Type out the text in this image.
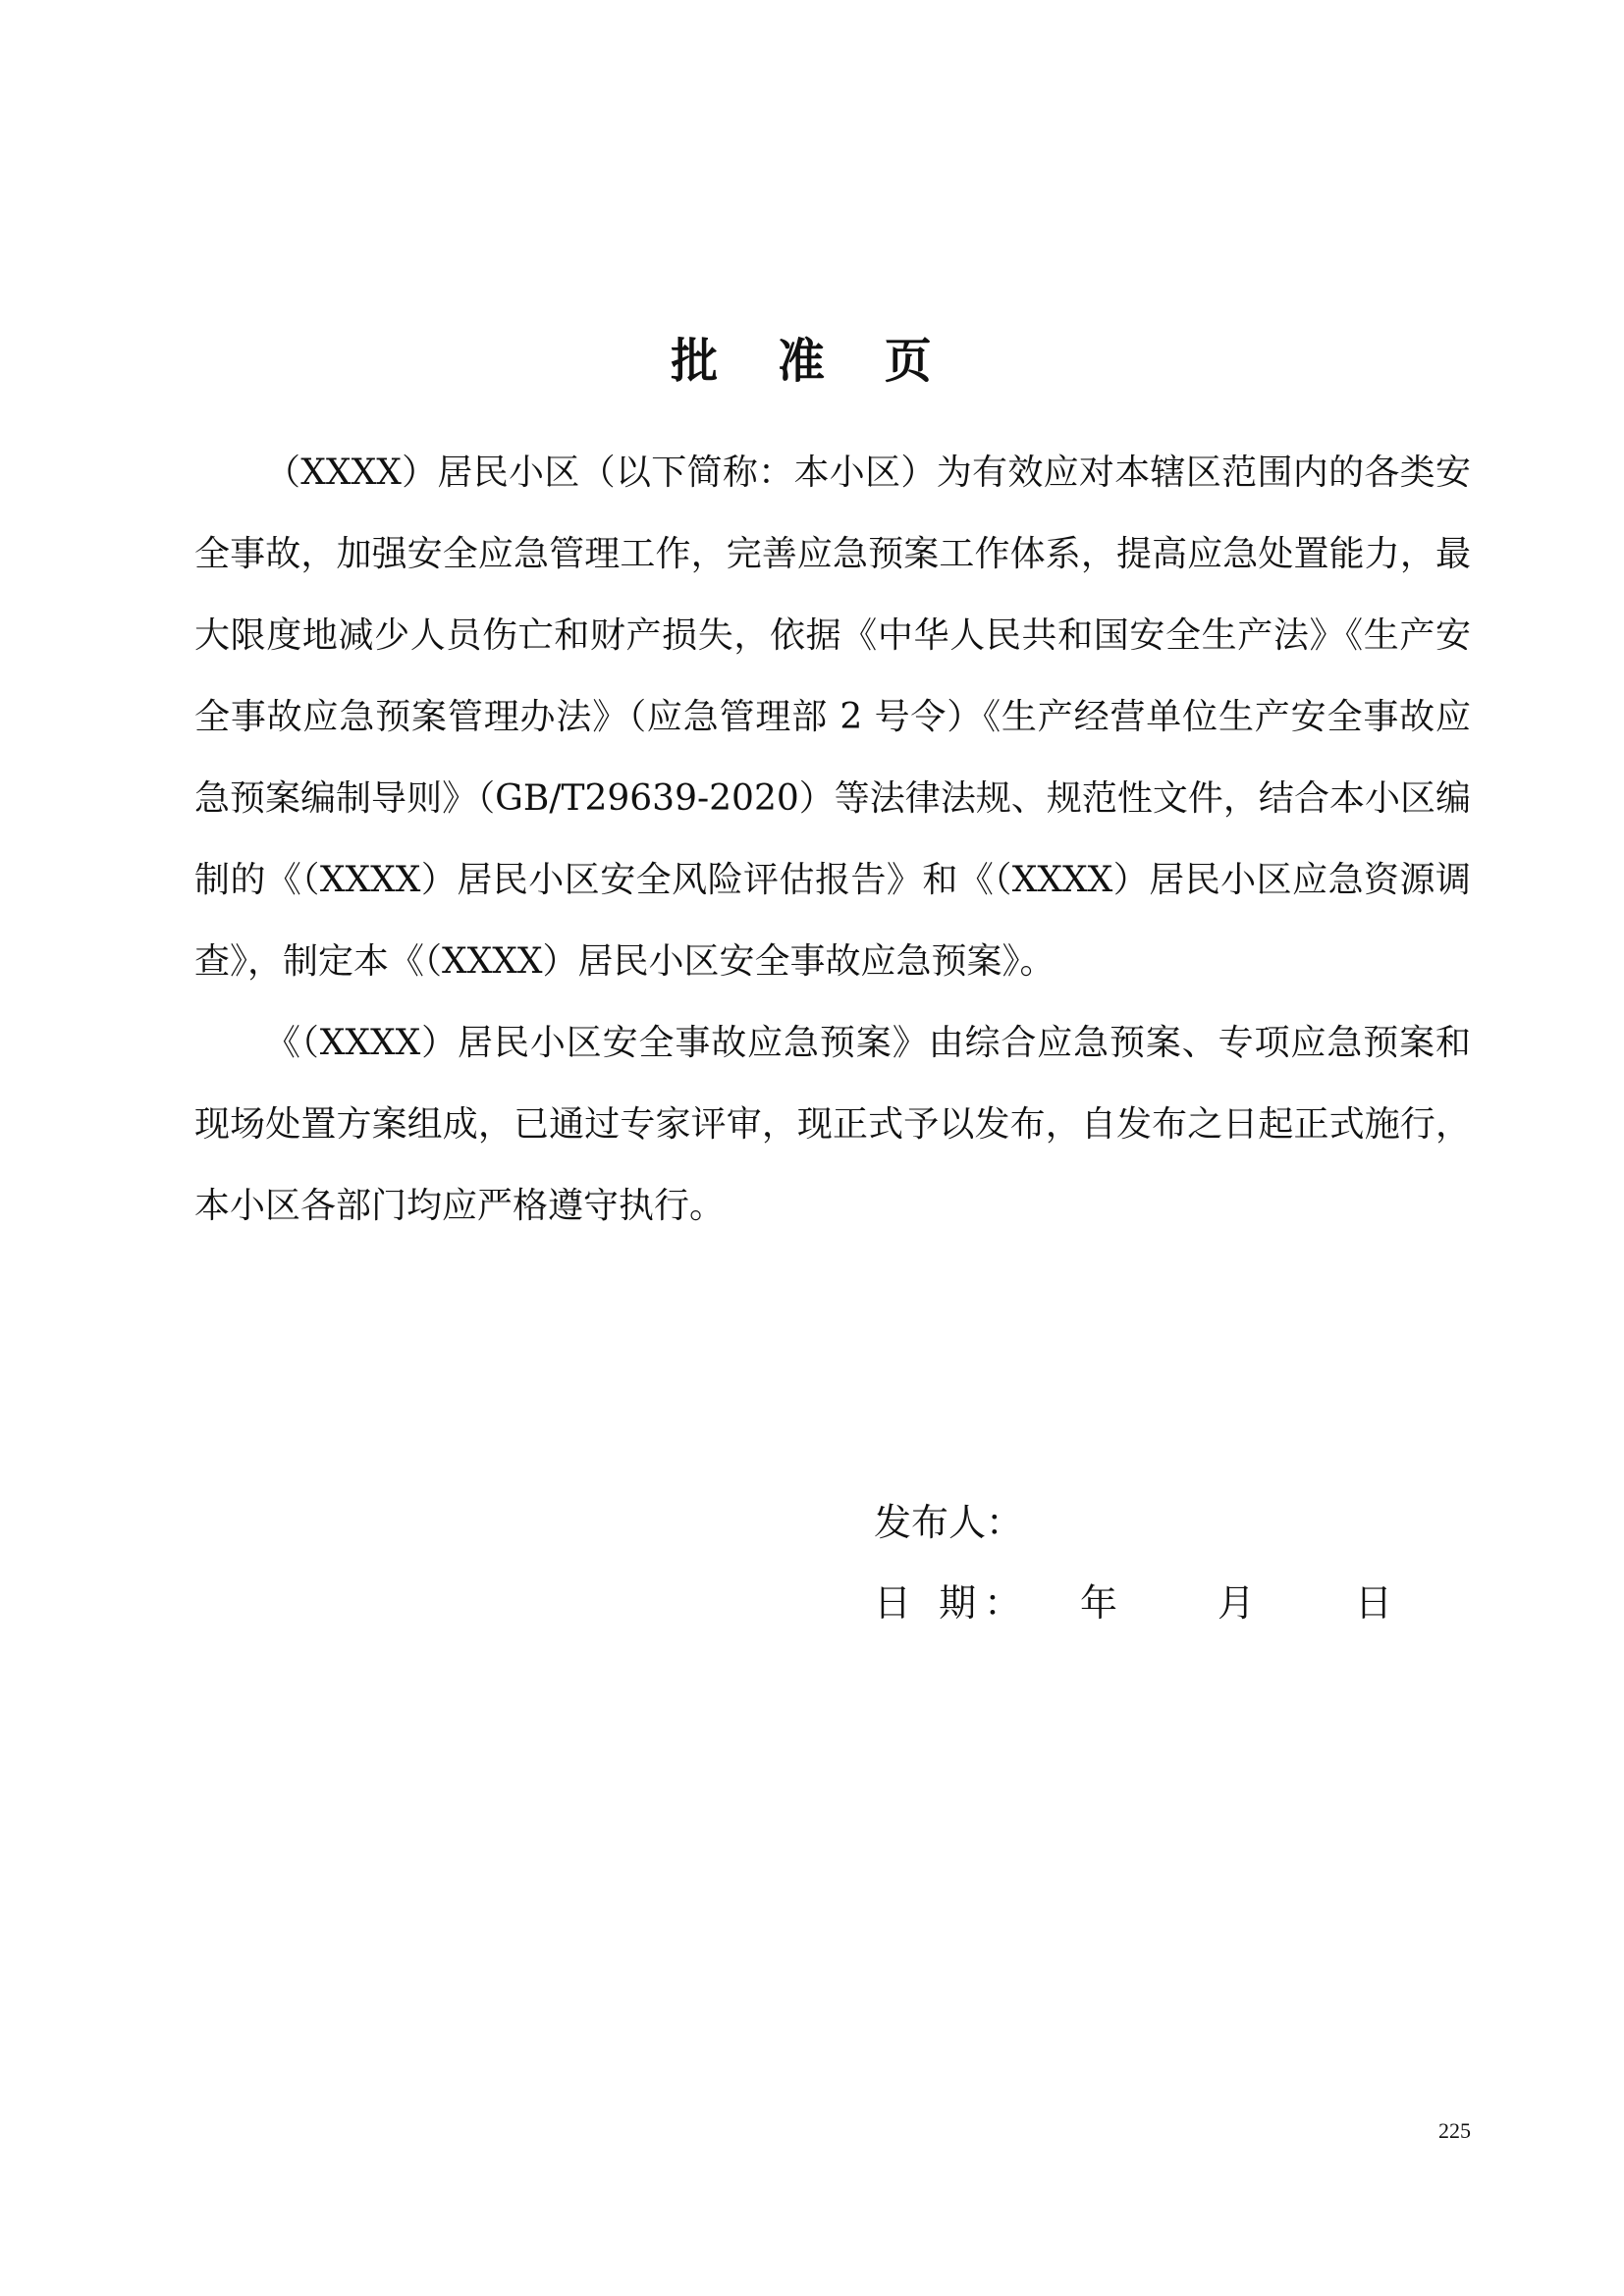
批 准 页

（XXXX）居民小区（以下简称：本小区）为有效应对本辖区范围内的各类安全事故，加强安全应急管理工作，完善应急预案工作体系，提高应急处置能力，最大限度地减少人员伤亡和财产损失，依据《中华人民共和国安全生产法》《生产安全事故应急预案管理办法》（应急管理部 2 号令）《生产经营单位生产安全事故应急预案编制导则》（GB/T29639-2020）等法律法规、规范性文件，结合本小区编制的《（XXXX）居民小区安全风险评估报告》和《（XXXX）居民小区应急资源调查》，制定本《（XXXX）居民小区安全事故应急预案》。

《（XXXX）居民小区安全事故应急预案》由综合应急预案、专项应急预案和现场处置方案组成，已通过专家评审，现正式予以发布，自发布之日起正式施行，本小区各部门均应严格遵守执行。

发布人：
日 期： 年	月	日
225
